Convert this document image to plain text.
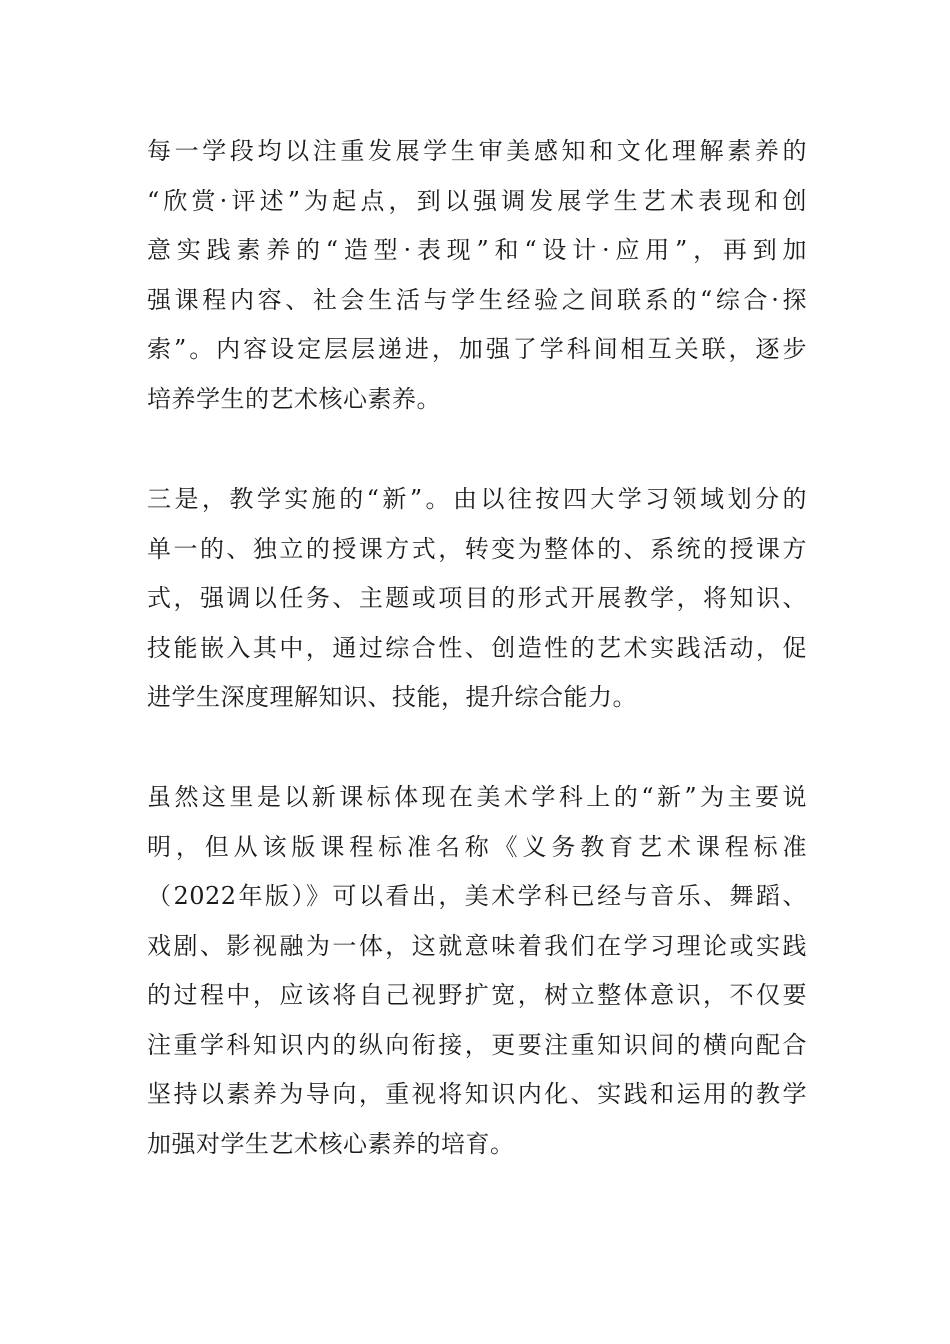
每一学段均以注重发展学生审美感知和文化理解素养的
“欣赏·评述”为起点，到以强调发展学生艺术表现和创
意实践素养的“造型·表现”和“设计·应用”，再到加
强课程内容、社会生活与学生经验之间联系的“综合·探
索”。内容设定层层递进，加强了学科间相互关联，逐步
培养学生的艺术核心素养。
三是，教学实施的“新”。由以往按四大学习领域划分的
单一的、独立的授课方式，转变为整体的、系统的授课方
式，强调以任务、主题或项目的形式开展教学，将知识、
技能嵌入其中，通过综合性、创造性的艺术实践活动，促
进学生深度理解知识、技能，提升综合能力。
虽然这里是以新课标体现在美术学科上的“新”为主要说
明，但从该版课程标准名称《义务教育艺术课程标准
（2022年版）》可以看出，美术学科已经与音乐、舞蹈、
戏剧、影视融为一体，这就意味着我们在学习理论或实践
的过程中，应该将自己视野扩宽，树立整体意识，不仅要
注重学科知识内的纵向衔接，更要注重知识间的横向配合
坚持以素养为导向，重视将知识内化、实践和运用的教学
加强对学生艺术核心素养的培育。
